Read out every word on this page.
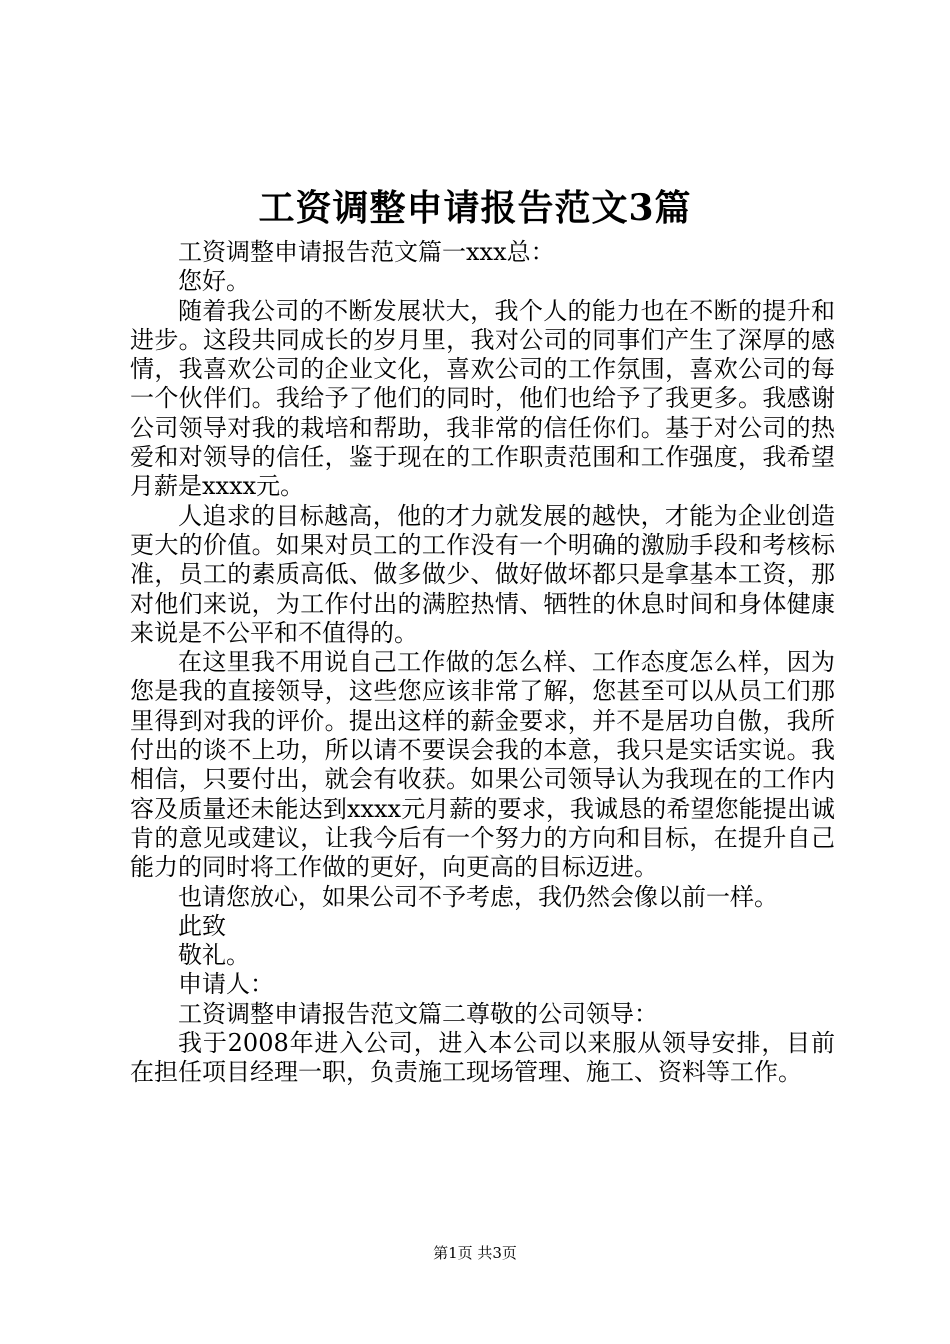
工资调整申请报告范文3篇

工资调整申请报告范文篇一xxx总：

您好。

随着我公司的不断发展状大，我个人的能力也在不断的提升和进步。这段共同成长的岁月里，我对公司的同事们产生了深厚的感情，我喜欢公司的企业文化，喜欢公司的工作氛围，喜欢公司的每一个伙伴们。我给予了他们的同时，他们也给予了我更多。我感谢公司领导对我的栽培和帮助，我非常的信任你们。基于对公司的热爱和对领导的信任，鉴于现在的工作职责范围和工作强度，我希望月薪是xxxx元。

人追求的目标越高，他的才力就发展的越快，才能为企业创造更大的价值。如果对员工的工作没有一个明确的激励手段和考核标准，员工的素质高低、做多做少、做好做坏都只是拿基本工资，那对他们来说，为工作付出的满腔热情、牺牲的休息时间和身体健康来说是不公平和不值得的。

在这里我不用说自己工作做的怎么样、工作态度怎么样，因为您是我的直接领导，这些您应该非常了解，您甚至可以从员工们那里得到对我的评价。提出这样的薪金要求，并不是居功自傲，我所付出的谈不上功，所以请不要误会我的本意，我只是实话实说。我相信，只要付出，就会有收获。如果公司领导认为我现在的工作内容及质量还未能达到xxxx元月薪的要求，我诚恳的希望您能提出诚肯的意见或建议，让我今后有一个努力的方向和目标，在提升自己能力的同时将工作做的更好，向更高的目标迈进。

也请您放心，如果公司不予考虑，我仍然会像以前一样。

此致

敬礼。

申请人：

工资调整申请报告范文篇二尊敬的公司领导：

我于2008年进入公司，进入本公司以来服从领导安排，目前在担任项目经理一职，负责施工现场管理、施工、资料等工作。

第1页 共3页
